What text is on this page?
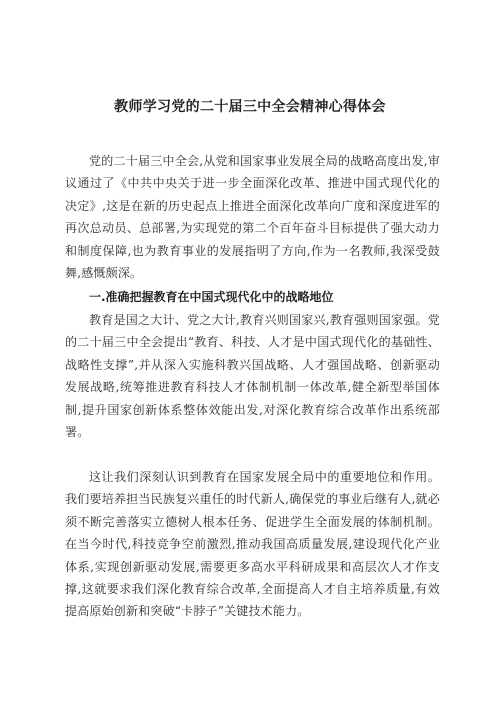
教师学习党的二十届三中全会精神心得体会

党的二十届三中全会,从党和国家事业发展全局的战略高度出发,审议通过了《中共中央关于进一步全面深化改革、推进中国式现代化的决定》,这是在新的历史起点上推进全面深化改革向广度和深度进军的再次总动员、总部署,为实现党的第二个百年奋斗目标提供了强大动力和制度保障,也为教育事业的发展指明了方向,作为一名教师,我深受鼓舞,感慨颇深。

一.准确把握教育在中国式现代化中的战略地位

教育是国之大计、党之大计,教育兴则国家兴,教育强则国家强。党的二十届三中全会提出“教育、科技、人才是中国式现代化的基础性、战略性支撑”,并从深入实施科教兴国战略、人才强国战略、创新驱动发展战略,统筹推进教育科技人才体制机制一体改革,健全新型举国体制,提升国家创新体系整体效能出发,对深化教育综合改革作出系统部署。

这让我们深刻认识到教育在国家发展全局中的重要地位和作用。我们要培养担当民族复兴重任的时代新人,确保党的事业后继有人,就必须不断完善落实立德树人根本任务、促进学生全面发展的体制机制。在当今时代,科技竞争空前激烈,推动我国高质量发展,建设现代化产业体系,实现创新驱动发展,需要更多高水平科研成果和高层次人才作支撑,这就要求我们深化教育综合改革,全面提高人才自主培养质量,有效提高原始创新和突破“卡脖子”关键技术能力。
